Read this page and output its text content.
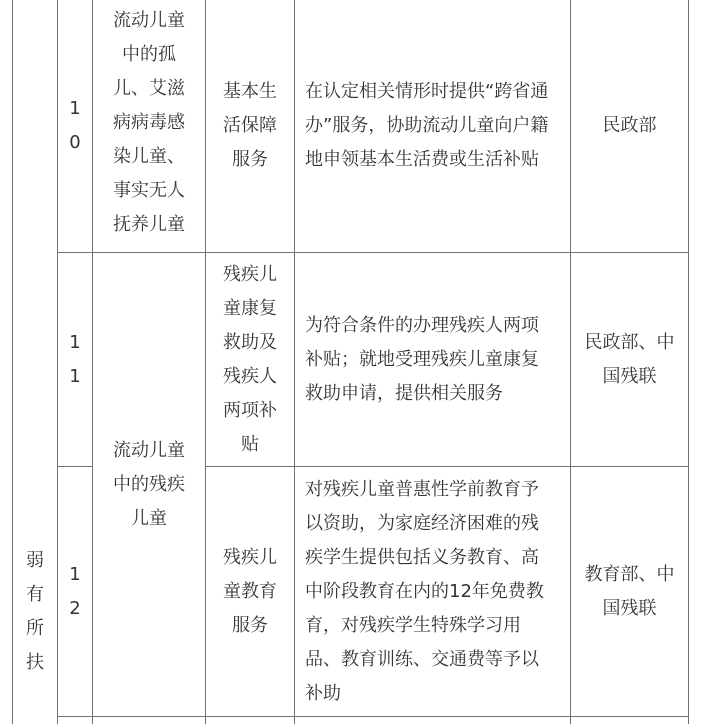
弱
有
所
扶
1
0
流动儿童
中的孤
儿、艾滋
病病毒感
染儿童、
事实无人
抚养儿童
基本生
活保障
服务
在认定相关情形时提供“跨省通
办”服务，协助流动儿童向户籍
地申领基本生活费或生活补贴
民政部
流动儿童
中的残疾
儿童
1
1
残疾儿
童康复
救助及
残疾人
两项补
贴
为符合条件的办理残疾人两项
补贴；就地受理残疾儿童康复
救助申请，提供相关服务
民政部、中
国残联
1
2
残疾儿
童教育
服务
对残疾儿童普惠性学前教育予
以资助，为家庭经济困难的残
疾学生提供包括义务教育、高
中阶段教育在内的12年免费教
育，对残疾学生特殊学习用
品、教育训练、交通费等予以
补助
教育部、中
国残联
